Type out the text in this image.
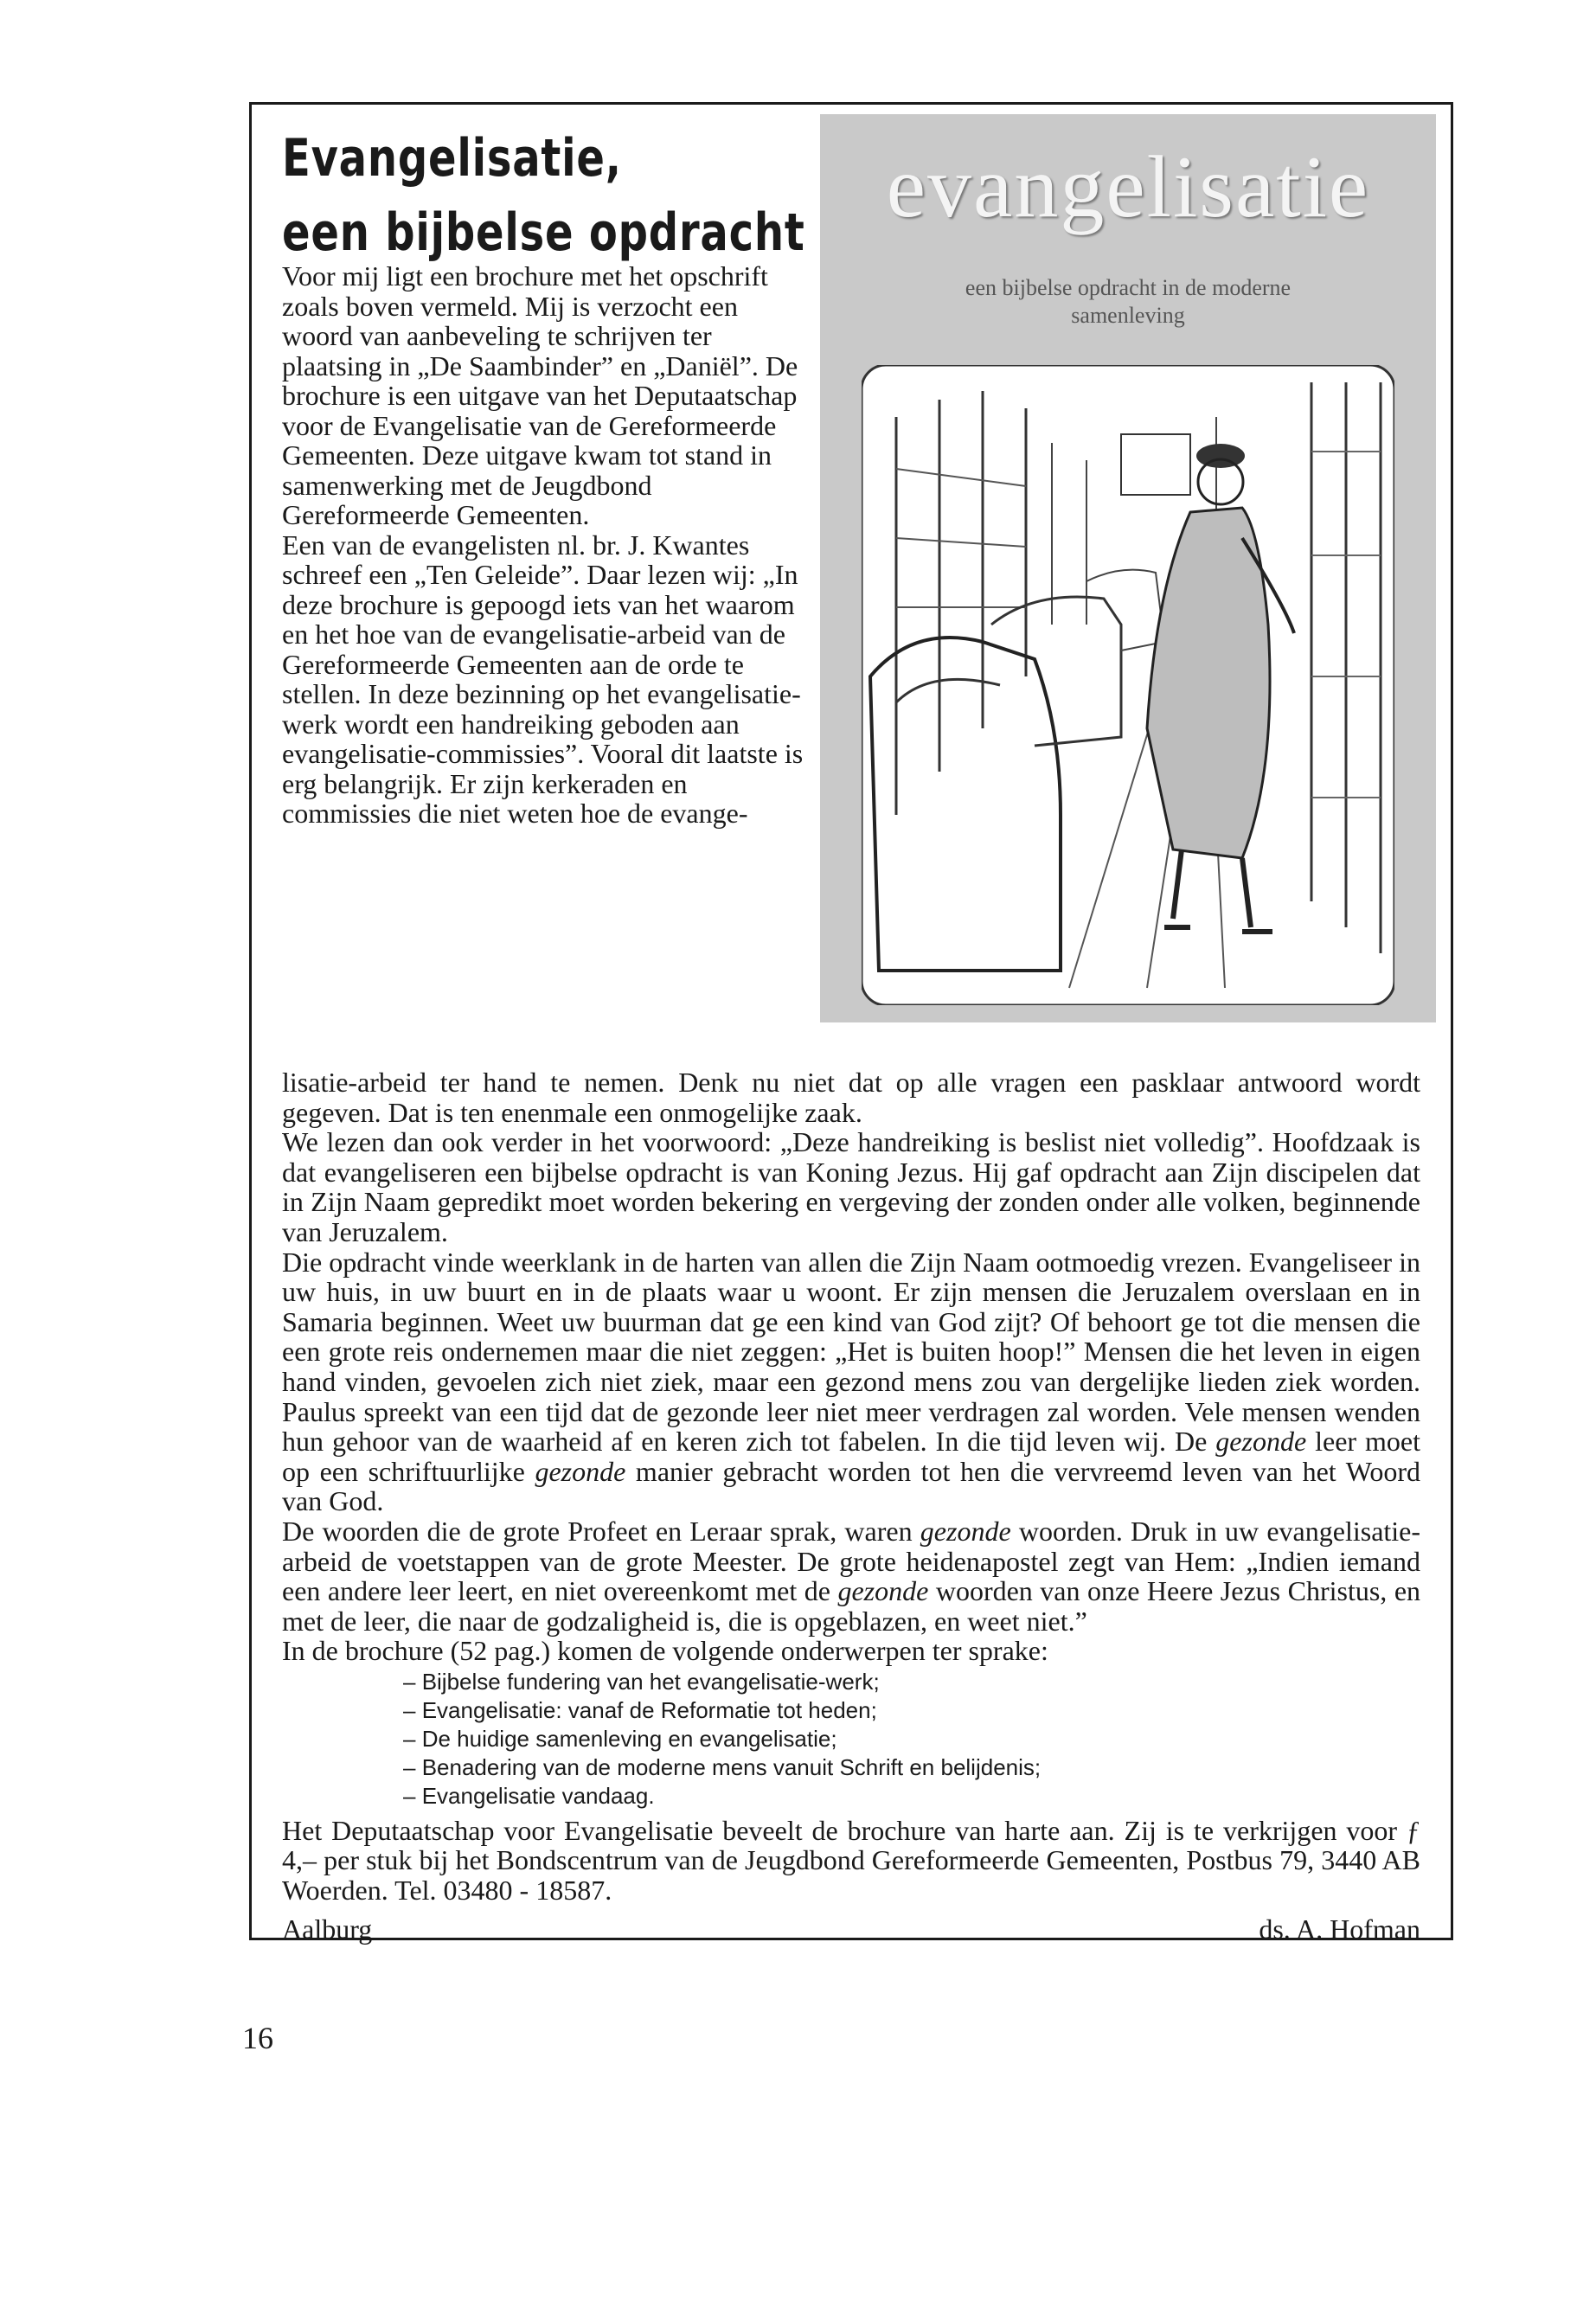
Evangelisatie,
een bijbelse opdracht

Voor mij ligt een brochure met het opschrift zoals boven vermeld. Mij is verzocht een woord van aanbeveling te schrijven ter plaatsing in „De Saambinder” en „Daniël”. De brochure is een uitgave van het Deputaatschap voor de Evangelisatie van de Gereformeerde Gemeenten. Deze uitgave kwam tot stand in samenwerking met de Jeugdbond Gereformeerde Gemeenten.

Een van de evangelisten nl. br. J. Kwantes schreef een „Ten Geleide”. Daar lezen wij: „In deze brochure is gepoogd iets van het waarom en het hoe van de evangelisatie-arbeid van de Gereformeerde Gemeenten aan de orde te stellen. In deze bezinning op het evangelisatie-werk wordt een handreiking geboden aan evangelisatie-commissies”. Vooral dit laatste is erg belangrijk. Er zijn kerkeraden en commissies die niet weten hoe de evange-

evangelisatie
een bijbelse opdracht in de moderne
samenleving

lisatie-arbeid ter hand te nemen. Denk nu niet dat op alle vragen een pasklaar antwoord wordt gegeven. Dat is ten enenmale een onmogelijke zaak.

We lezen dan ook verder in het voorwoord: „Deze handreiking is beslist niet volledig”. Hoofdzaak is dat evangeliseren een bijbelse opdracht is van Koning Jezus. Hij gaf opdracht aan Zijn discipelen dat in Zijn Naam gepredikt moet worden bekering en vergeving der zonden onder alle volken, beginnende van Jeruzalem.

Die opdracht vinde weerklank in de harten van allen die Zijn Naam ootmoedig vrezen. Evangeliseer in uw huis, in uw buurt en in de plaats waar u woont. Er zijn mensen die Jeruzalem overslaan en in Samaria beginnen. Weet uw buurman dat ge een kind van God zijt? Of behoort ge tot die mensen die een grote reis ondernemen maar die niet zeggen: „Het is buiten hoop!” Mensen die het leven in eigen hand vinden, gevoelen zich niet ziek, maar een gezond mens zou van dergelijke lieden ziek worden. Paulus spreekt van een tijd dat de gezonde leer niet meer verdragen zal worden. Vele mensen wenden hun gehoor van de waarheid af en keren zich tot fabelen. In die tijd leven wij. De gezonde leer moet op een schriftuurlijke gezonde manier gebracht worden tot hen die vervreemd leven van het Woord van God.

De woorden die de grote Profeet en Leraar sprak, waren gezonde woorden. Druk in uw evangelisatie-arbeid de voetstappen van de grote Meester. De grote heidenapostel zegt van Hem: „Indien iemand een andere leer leert, en niet overeenkomt met de gezonde woorden van onze Heere Jezus Christus, en met de leer, die naar de godzaligheid is, die is opgeblazen, en weet niet.”

In de brochure (52 pag.) komen de volgende onderwerpen ter sprake:

– Bijbelse fundering van het evangelisatie-werk;
– Evangelisatie: vanaf de Reformatie tot heden;
– De huidige samenleving en evangelisatie;
– Benadering van de moderne mens vanuit Schrift en belijdenis;
– Evangelisatie vandaag.

Het Deputaatschap voor Evangelisatie beveelt de brochure van harte aan. Zij is te verkrijgen voor ƒ 4,– per stuk bij het Bondscentrum van de Jeugdbond Gereformeerde Gemeenten, Postbus 79, 3440 AB Woerden. Tel. 03480 - 18587.

Aalburg	ds. A. Hofman
16
